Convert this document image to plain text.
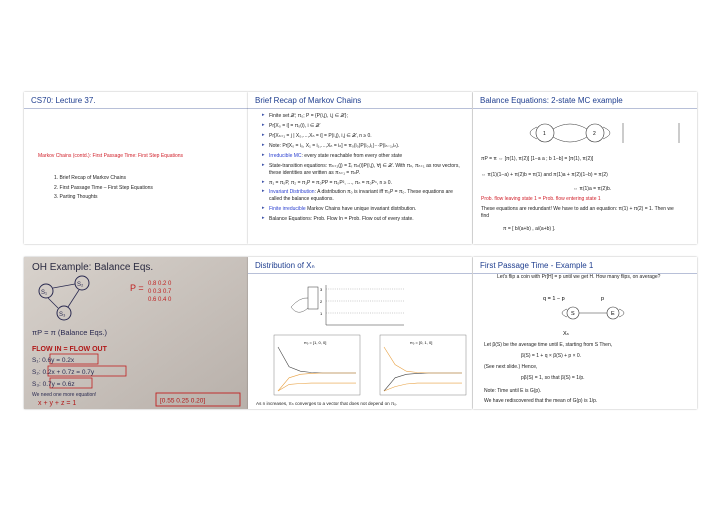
CS70: Lecture 37.
Markov Chains (contd.): First Passage Time: First Step Equations
1. Brief Recap of Markov Chains
2. First Passage Time – First Step Equations
3. Parting Thoughts
Brief Recap of Markov Chains
▸ Finite set 𝒳; π₀; P = {P(i,j), i,j ∈ 𝒳};
▸ Pr[X₀ = i] = π₀(i), i ∈ 𝒳
▸ Pr[Xₙ₊₁ = j | X₀,…,Xₙ = i] = P(i,j), i,j ∈ 𝒳, n ≥ 0.
▸ Note: Pr[X₀ = i₀, X₁ = i₁,…,Xₙ = iₙ] = π₀(i₀)P(i₀,i₁)···P(iₙ₋₁,iₙ).
▸ Irreducible MC: every state reachable from every other state
▸ State-transition equations: πₙ₊₁(j) = Σᵢ πₙ(i)P(i,j), ∀j ∈ 𝒳. With πₙ, πₙ₊₁ as row vectors, these identities are written as πₙ₊₁ = πₙP.
▸ π₁ = π₀P, π₂ = π₁P = π₀PP = π₀P², …, πₙ = π₀Pⁿ, n ≥ 0.
▸ Invariant Distribution: A distribution π₀ is invariant iff π₀P = π₀. These equations are called the balance equations.
▸ Finite irreducible Markov Chains have unique invariant distribution.
▸ Balance Equations: Prob. Flow In = Prob. Flow out of every state.
Balance Equations: 2-state MC example
1	2
πP = π ⇔ [π(1), π(2)] [1−a a ; b 1−b] = [π(1), π(2)]
⇔ π(1)(1−a) + π(2)b = π(1) and π(1)a + π(2)(1−b) = π(2)
⇔ π(1)a = π(2)b.
Prob. flow leaving state 1 = Prob. flow entering state 1
These equations are redundant! We have to add an equation: π(1) + π(2) = 1. Then we find
π = [ b/(a+b) , a/(a+b) ].
OH Example: Balance Eqs.
S₁
S₂
S₃
P = 0.8 0.2 0
0 0.3 0.7
0.6 0.4 0
πP = π (Balance Eqs.)
FLOW IN = FLOW OUT
S₁: 0.6y = 0.2x
S₂: 0.2x + 0.7z = 0.7y
S₃: 0.7y = 0.6z
We need one more equation!
x + y + z = 1	[0.55 0.25 0.20]
Distribution of Xₙ
3
2
1
π₀ = [1, 0, 0]	π₀ = [0, 1, 0]
As n increases, πₙ converges to a vector that does not depend on π₀.
First Passage Time - Example 1
Let's flip a coin with Pr[H] = p until we get H. How many flips, on average?
q = 1 − p	p
S	E
Xₙ
Let β(S) be the average time until E, starting from S Then,
β(S) = 1 + q × β(S) + p × 0.
(See next slide.) Hence,
pβ(S) = 1, so that β(S) = 1/p.
Note: Time until E is G(p).
We have rediscovered that the mean of G(p) is 1/p.
